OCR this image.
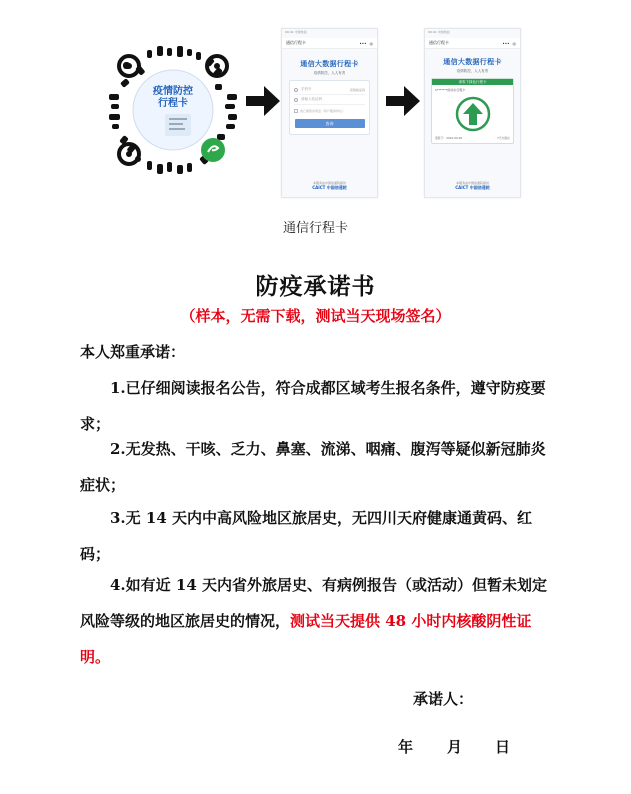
疫情防控
行程卡
09:41 中国电信
通信行程卡	••• ◎
通信大数据行程卡
疫情防控，人人有责
手机号	获取验证码
请输入验证码
我已阅读并同意《用户服务协议》
查询
本服务由中国信通院提供
CAICT 中国信通院
09:41 中国电信
通信行程卡	••• ◎
通信大数据行程卡
疫情防控，人人有责
请收下绿色行程卡
1*******的动态行程卡
更新于：2022.00.00	7天内到达
本服务由中国信通院提供
CAICT 中国信通院
通信行程卡
防疫承诺书
（样本，无需下载，测试当天现场签名）
本人郑重承诺：
1.已仔细阅读报名公告，符合成都区域考生报名条件，遵守防疫要求；
2.无发热、干咳、乏力、鼻塞、流涕、咽痛、腹泻等疑似新冠肺炎症状；
3.无 14 天内中高风险地区旅居史，无四川天府健康通黄码、红码；
4.如有近 14 天内省外旅居史、有病例报告（或活动）但暂未划定风险等级的地区旅居史的情况，测试当天提供 48 小时内核酸阴性证明。
承诺人：
年 月 日
